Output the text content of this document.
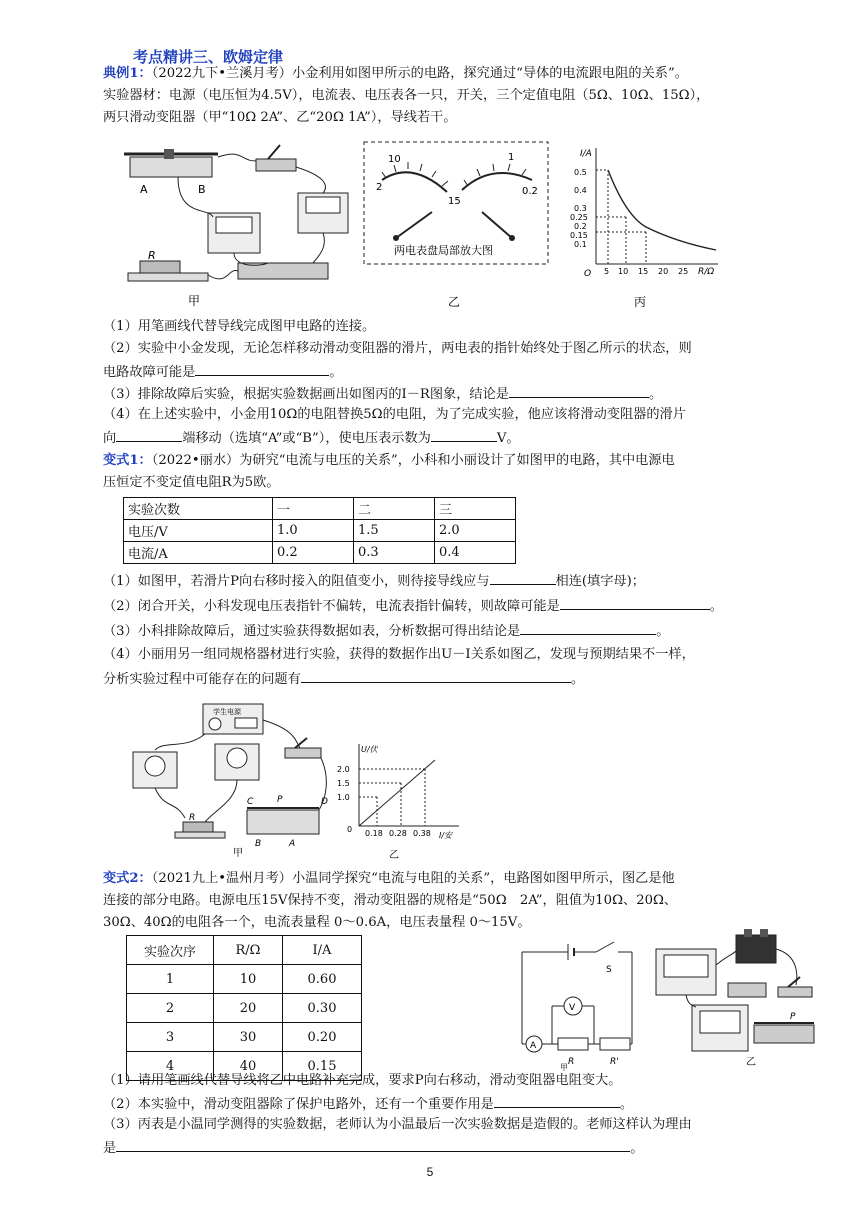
考点精讲三、欧姆定律
典例1：（2022九下•兰溪月考）小金利用如图甲所示的电路，探究通过“导体的电流跟电阻的关系”。
实验器材：电源（电压恒为4.5V），电流表、电压表各一只，开关，三个定值电阻（5Ω、10Ω、15Ω），
两只滑动变阻器（甲“10Ω 2A”、乙“20Ω 1A”），导线若干。
A	B
R
甲
10
2
15
1
0.2
两电表盘局部放大图
乙
I/A
R/Ω
O
0.5
0.4
0.3
0.25
0.2
0.15
0.1
5 10 15 20 25
丙
（1）用笔画线代替导线完成图甲电路的连接。
（2）实验中小金发现，无论怎样移动滑动变阻器的滑片，两电表的指针始终处于图乙所示的状态，则
电路故障可能是	。
（3）排除故障后实验，根据实验数据画出如图丙的I－R图象，结论是	。
（4）在上述实验中，小金用10Ω的电阻替换5Ω的电阻，为了完成实验，他应该将滑动变阻器的滑片
向	端移动（选填“A”或“B”），使电压表示数为	V。
变式1：（2022•丽水）为研究“电流与电压的关系”，小科和小丽设计了如图甲的电路，其中电源电
压恒定不变定值电阻R为5欧。
实验次数	一	二	三
电压/V	1.0	1.5	2.0
电流/A	0.2	0.3	0.4
（1）如图甲，若滑片P向右移时接入的阻值变小，则待接导线应与	相连(填字母)；
（2）闭合开关，小科发现电压表指针不偏转，电流表指针偏转，则故障可能是	。
（3）小科排除故障后，通过实验获得数据如表，分析数据可得出结论是	。
（4）小丽用另一组同规格器材进行实验，获得的数据作出U－I关系如图乙，发现与预期结果不一样，
分析实验过程中可能存在的问题有	。
学生电源
R
C	P	D
B	A
甲
U/伏
I/安
0
2.0
1.5
1.0
0.18 0.28 0.38
乙
变式2：（2021九上•温州月考）小温同学探究“电流与电阻的关系”，电路图如图甲所示，图乙是他
连接的部分电路。电源电压15V保持不变，滑动变阻器的规格是“50Ω　2A”，阻值为10Ω、20Ω、
30Ω、40Ω的电阻各一个，电流表量程 0～0.6A，电压表量程 0～15V。
实验次序	R/Ω	I/A
1	10	0.60
2	20	0.30
3	30	0.20
4	40	0.15
S
A
R	R'
V
甲
P
乙
（1）请用笔画线代替导线将乙中电路补充完成，要求P向右移动，滑动变阻器电阻变大。
（2）本实验中，滑动变阻器除了保护电路外，还有一个重要作用是	。
（3）丙表是小温同学测得的实验数据，老师认为小温最后一次实验数据是造假的。老师这样认为理由
是	。
5
